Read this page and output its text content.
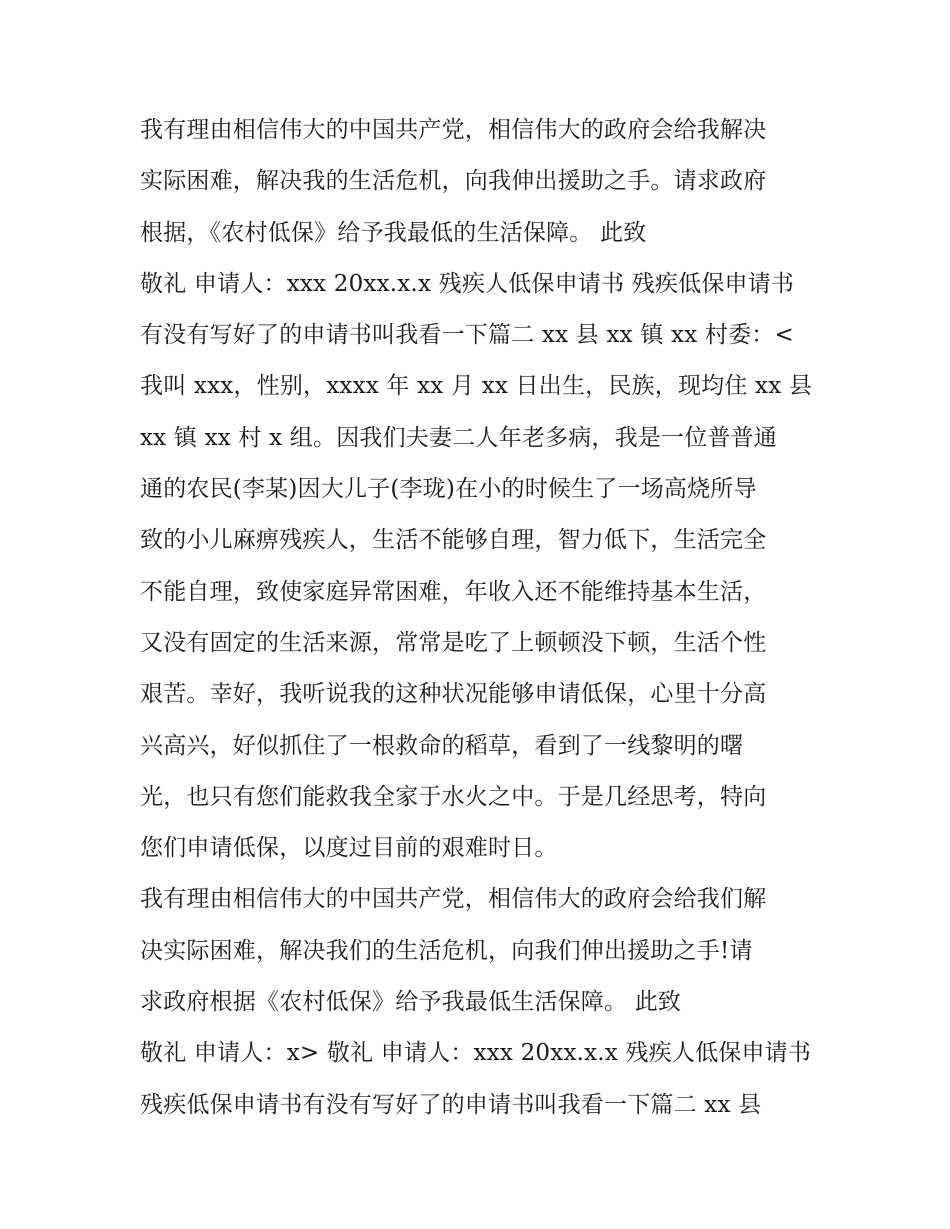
我有理由相信伟大的中国共产党，相信伟大的政府会给我解决
实际困难，解决我的生活危机，向我伸出援助之手。请求政府
根据，《农村低保》给予我最低的生活保障。 此致
敬礼 申请人：xxx 20xx.x.x 残疾人低保申请书 残疾低保申请书
有没有写好了的申请书叫我看一下篇二 xx 县 xx 镇 xx 村委：<
我叫 xxx，性别，xxxx 年 xx 月 xx 日出生，民族，现均住 xx 县
xx 镇 xx 村 x 组。因我们夫妻二人年老多病，我是一位普普通
通的农民(李某)因大儿子(李珑)在小的时候生了一场高烧所导
致的小儿麻痹残疾人，生活不能够自理，智力低下，生活完全
不能自理，致使家庭异常困难，年收入还不能维持基本生活，
又没有固定的生活来源，常常是吃了上顿顿没下顿，生活个性
艰苦。幸好，我听说我的这种状况能够申请低保，心里十分高
兴高兴，好似抓住了一根救命的稻草，看到了一线黎明的曙
光，也只有您们能救我全家于水火之中。于是几经思考，特向
您们申请低保，以度过目前的艰难时日。
我有理由相信伟大的中国共产党，相信伟大的政府会给我们解
决实际困难，解决我们的生活危机，向我们伸出援助之手!请
求政府根据《农村低保》给予我最低生活保障。 此致
敬礼 申请人：x> 敬礼 申请人：xxx 20xx.x.x 残疾人低保申请书
残疾低保申请书有没有写好了的申请书叫我看一下篇二 xx 县
